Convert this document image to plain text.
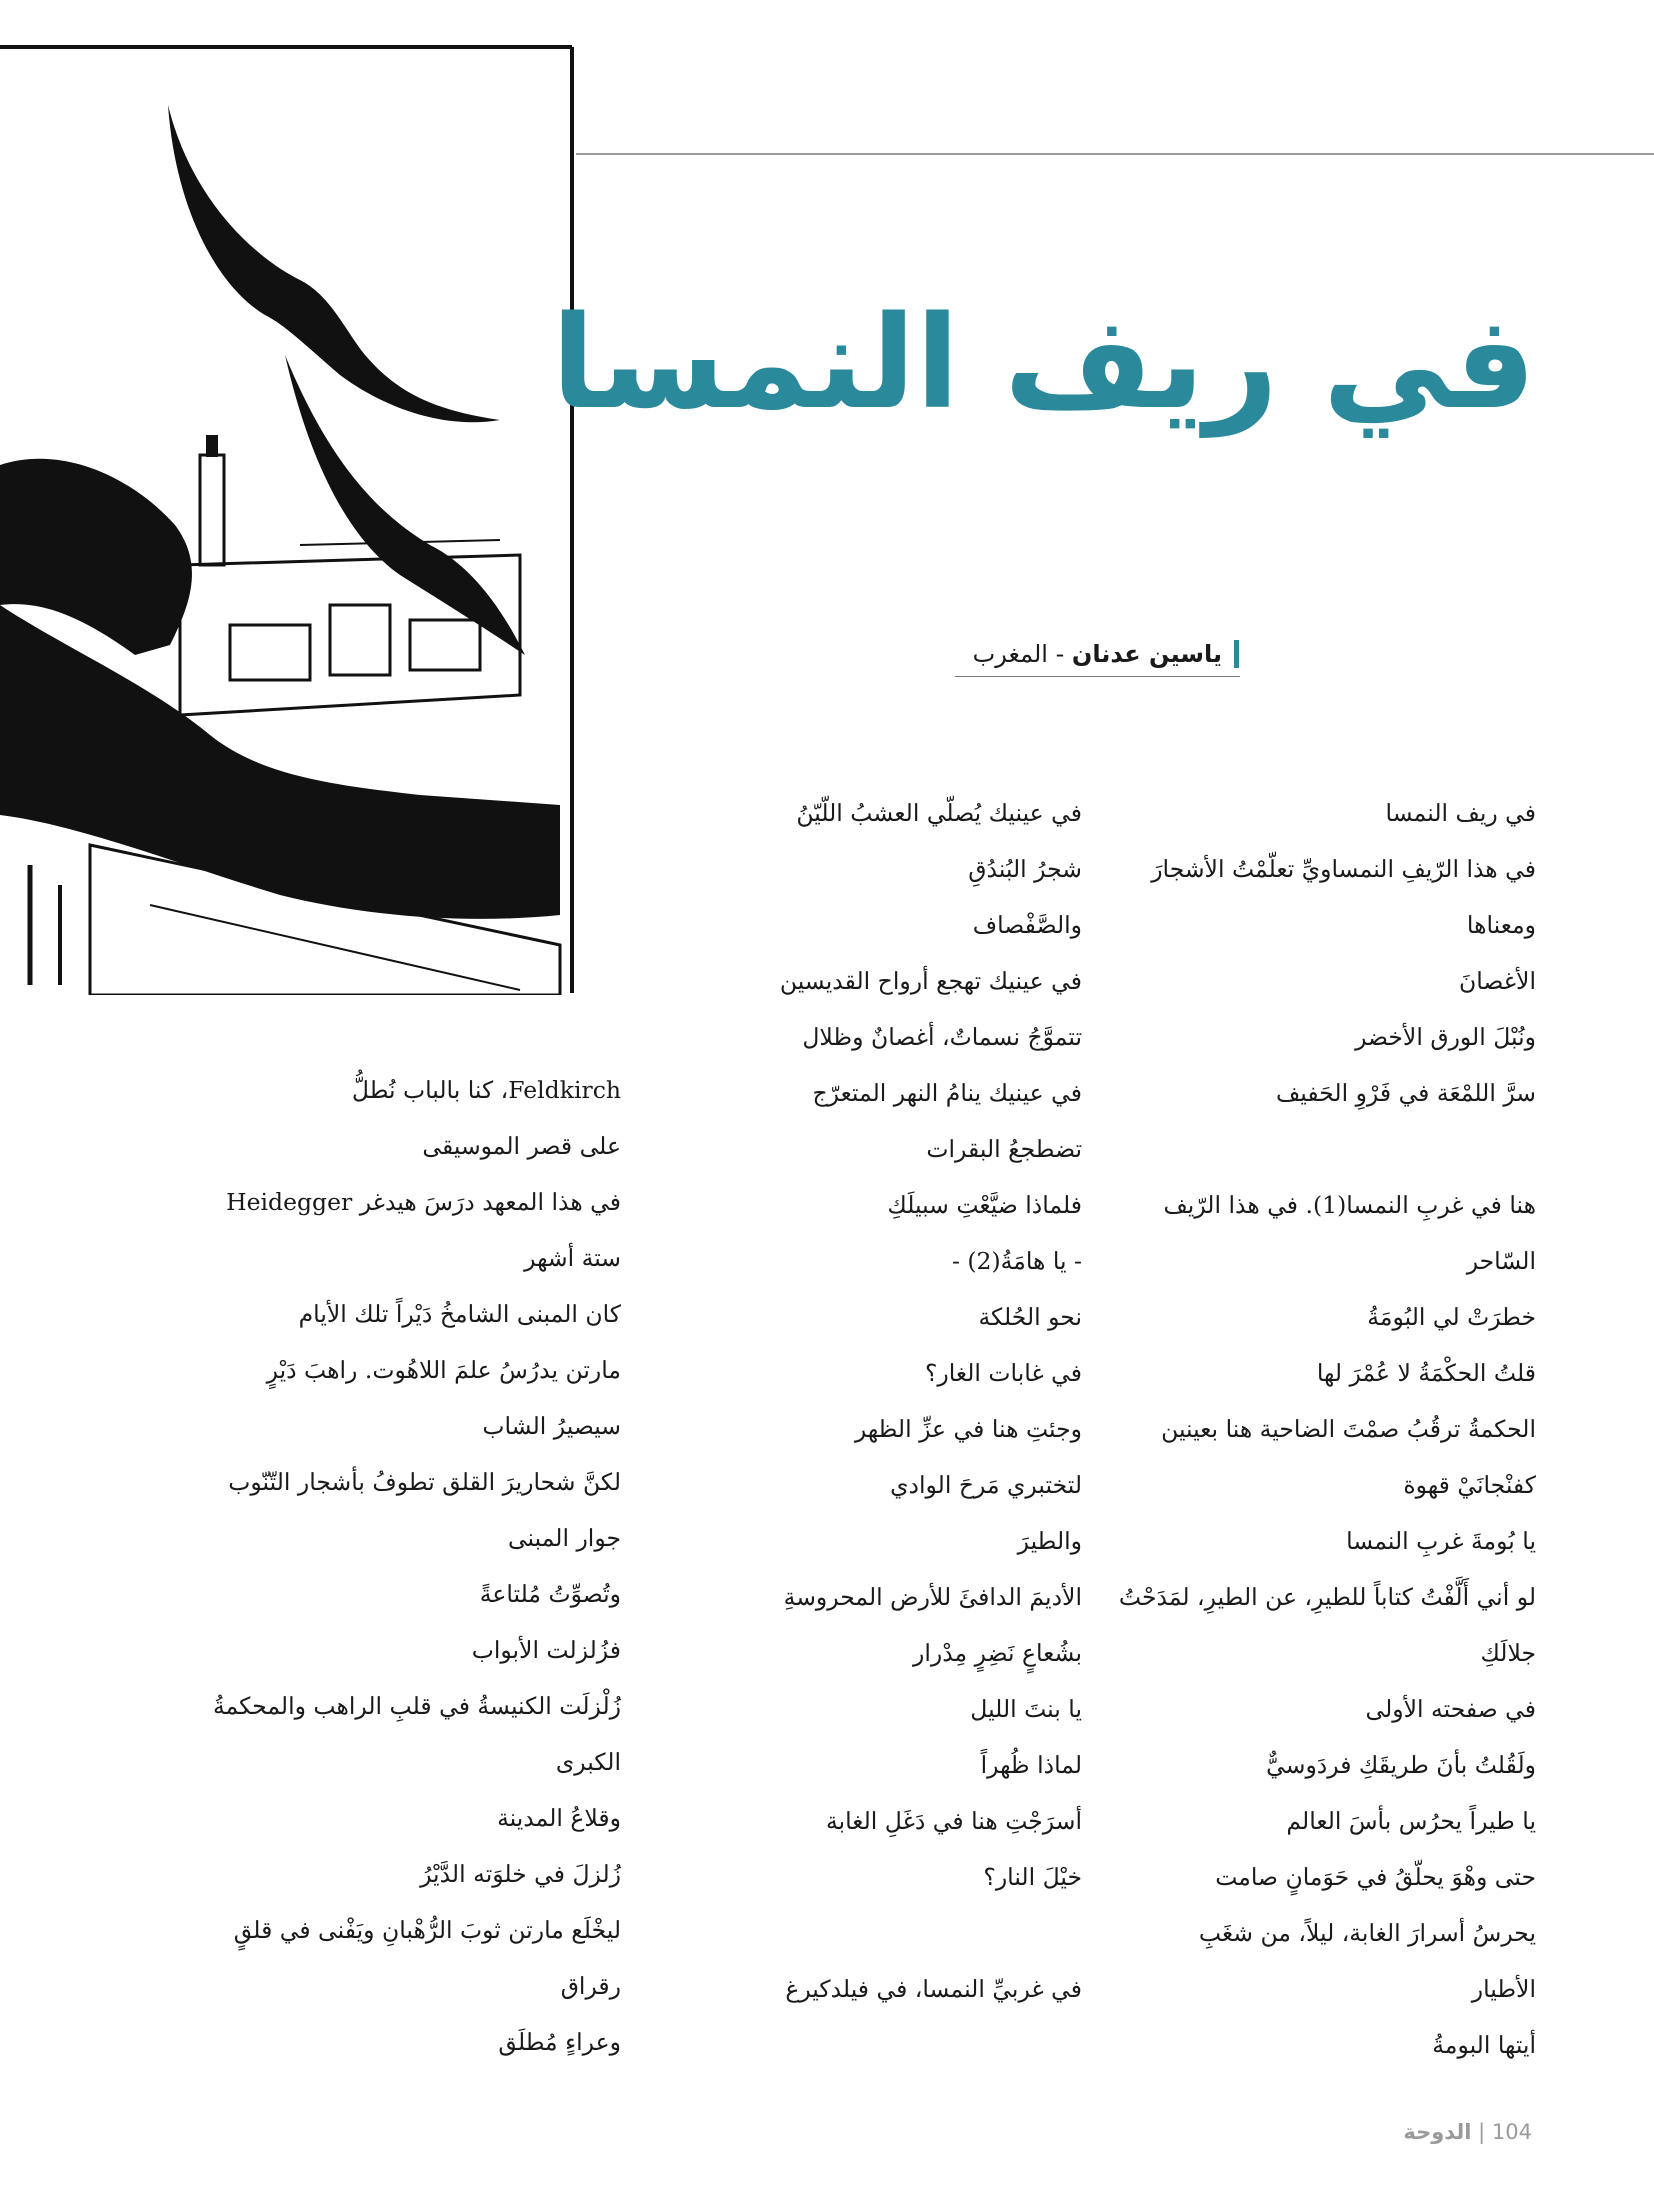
في ريف النمسا
ياسين عدنان - المغرب
في ريف النمسا
في هذا الرّيفِ النمساويِّ تعلّمْتُ الأشجارَ
ومعناها
الأغصانَ
ونُبْلَ الورق الأخضر
سرَّ اللمْعَة في فَرْوِ الحَفيف
هنا في غربِ النمسا(1). في هذا الرّيف
السّاحر
خطرَتْ لي البُومَةُ
قلتُ الحكْمَةُ لا عُمْرَ لها
الحكمةُ ترقُبُ صمْتَ الضاحية هنا بعينين
كفنْجانَيْ قهوة
يا بُومةَ غربِ النمسا
لو أني أَلَّفْتُ كتاباً للطيرِ، عن الطيرِ، لمَدَحْتُ
جلالَكِ
في صفحته الأولى
ولَقُلتُ بأنَ طريقَكِ فردَوسيٌّ
يا طيراً يحرُس بأسَ العالم
حتى وهْوَ يحلّقُ في حَوَمانٍ صامت
يحرسُ أسرارَ الغابة، ليلاً، من شغَبِ
الأطيار
أيتها البومةُ
في عينيك يُصلّي العشبُ اللّيّنُ
شجرُ البُندُقِ
والصَّفْصاف
في عينيك تهجع أرواح القديسين
تتموَّجُ نسماتٌ، أغصانٌ وظلال
في عينيك ينامُ النهر المتعرّج
تضطجعُ البقرات
فلماذا ضيَّعْتِ سبيلَكِ
- يا هامَةُ(2) -
نحو الحُلكة
في غابات الغار؟
وجئتِ هنا في عزِّ الظهر
لتختبري مَرحَ الوادي
والطيرَ
الأديمَ الدافئَ للأرض المحروسةِ
بشُعاعٍ نَضِرٍ مِدْرار
يا بنتَ الليل
لماذا ظُهراً
أسرَجْتِ هنا في دَغَلِ الغابة
خيْلَ النار؟
في غربيِّ النمسا، في فيلدكيرغ
Feldkirch، كنا بالباب نُطلُّ
على قصر الموسيقى
في هذا المعهد درَسَ هيدغر Heidegger
ستة أشهر
كان المبنى الشامخُ دَيْراً تلك الأيام
مارتن يدرُسُ علمَ اللاهُوت. راهبَ دَيْرٍ
سيصيرُ الشاب
لكنَّ شحاريرَ القلق تطوفُ بأشجار التّنّوب
جوار المبنى
وتُصوِّتُ مُلتاعةً
فزُلزلت الأبواب
زُلْزلَت الكنيسةُ في قلبِ الراهب والمحكمةُ
الكبرى
وقلاعُ المدينة
زُلزلَ في خلوَته الدَّيْرُ
ليخْلَع مارتن ثوبَ الرُّهْبانِ ويَفْنى في قلقٍ
رقراق
وعراءٍ مُطلَق
104 | الدوحة
